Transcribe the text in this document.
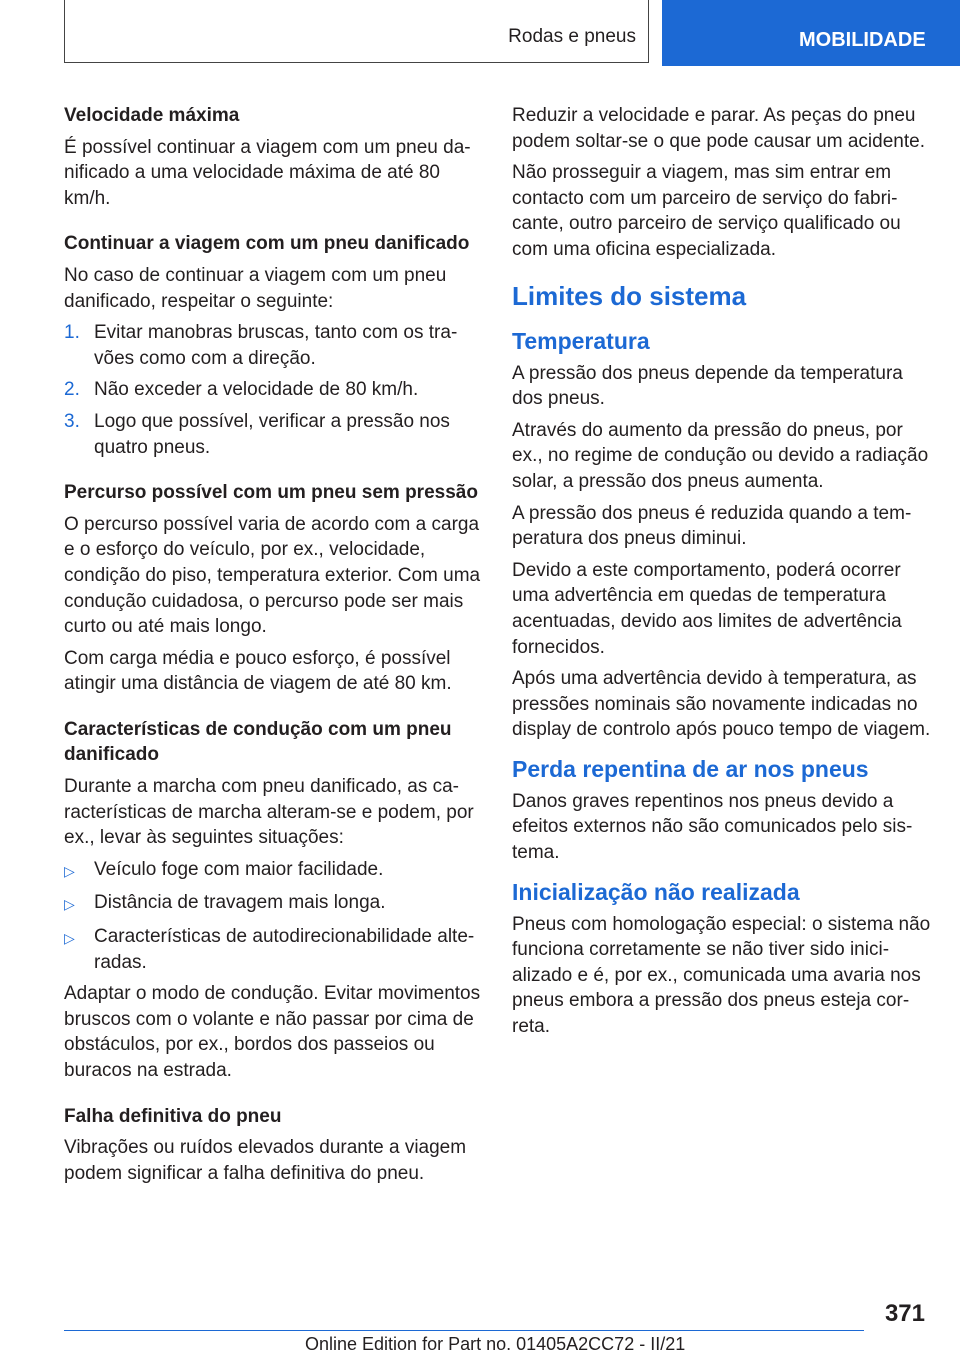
Rodas e pneus	MOBILIDADE
Velocidade máxima

É possível continuar a viagem com um pneu danificado a uma velocidade máxima de até 80 km/h.

Continuar a viagem com um pneu danificado

No caso de continuar a viagem com um pneu danificado, respeitar o seguinte:

1. Evitar manobras bruscas, tanto com os travões como com a direção.
2. Não exceder a velocidade de 80 km/h.
3. Logo que possível, verificar a pressão nos quatro pneus.
Percurso possível com um pneu sem pressão

O percurso possível varia de acordo com a carga e o esforço do veículo, por ex., velocidade, condição do piso, temperatura exterior. Com uma condução cuidadosa, o percurso pode ser mais curto ou até mais longo.

Com carga média e pouco esforço, é possível atingir uma distância de viagem de até 80 km.

Características de condução com um pneu danificado

Durante a marcha com pneu danificado, as características de marcha alteram-se e podem, por ex., levar às seguintes situações:

▷	Veículo foge com maior facilidade.
▷	Distância de travagem mais longa.
▷	Características de autodirecionabilidade alteradas.

Adaptar o modo de condução. Evitar movimentos bruscos com o volante e não passar por cima de obstáculos, por ex., bordos dos passeios ou buracos na estrada.

Falha definitiva do pneu

Vibrações ou ruídos elevados durante a viagem podem significar a falha definitiva do pneu.

Reduzir a velocidade e parar. As peças do pneu podem soltar-se o que pode causar um acidente.

Não prosseguir a viagem, mas sim entrar em contacto com um parceiro de serviço do fabricante, outro parceiro de serviço qualificado ou com uma oficina especializada.

Limites do sistema
Temperatura

A pressão dos pneus depende da temperatura dos pneus.

Através do aumento da pressão do pneus, por ex., no regime de condução ou devido a radiação solar, a pressão dos pneus aumenta.

A pressão dos pneus é reduzida quando a temperatura dos pneus diminui.

Devido a este comportamento, poderá ocorrer uma advertência em quedas de temperatura acentuadas, devido aos limites de advertência fornecidos.

Após uma advertência devido à temperatura, as pressões nominais são novamente indicadas no display de controlo após pouco tempo de viagem.

Perda repentina de ar nos pneus

Danos graves repentinos nos pneus devido a efeitos externos não são comunicados pelo sistema.

Inicialização não realizada

Pneus com homologação especial: o sistema não funciona corretamente se não tiver sido inicializado e é, por ex., comunicada uma avaria nos pneus embora a pressão dos pneus esteja correta.

371
Online Edition for Part no. 01405A2CC72 - II/21
